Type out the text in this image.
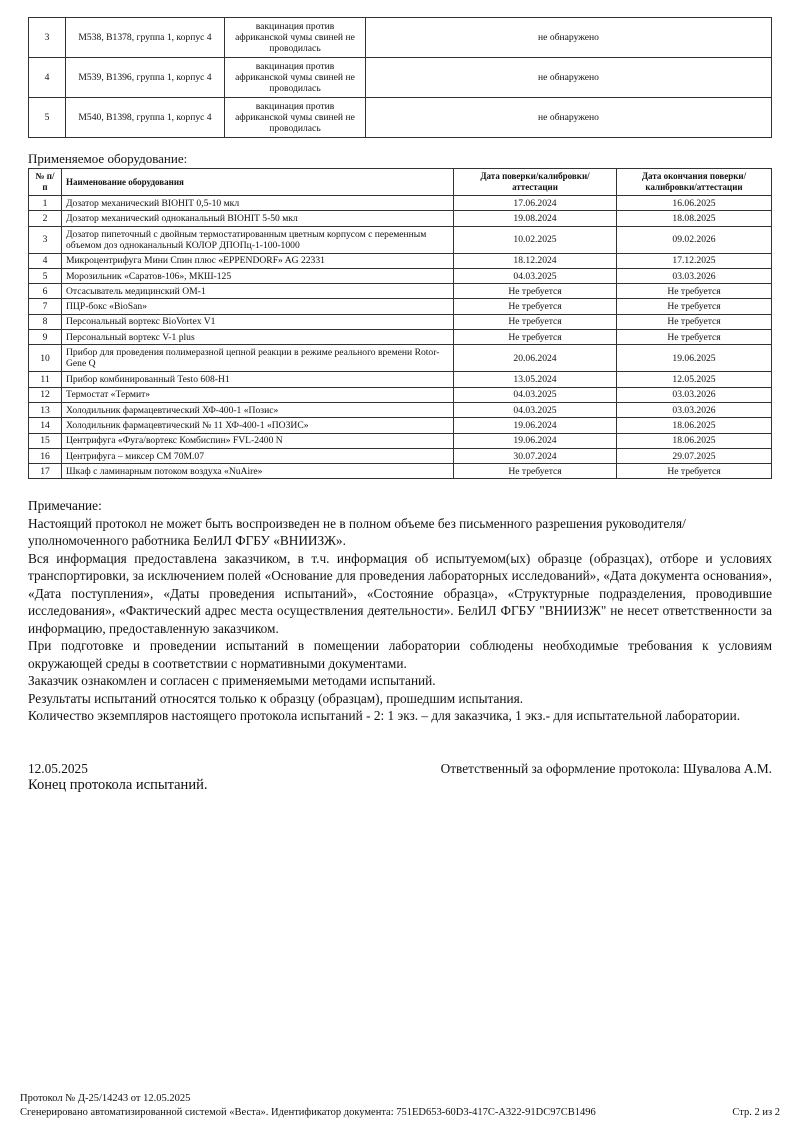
3	М538, В1378, группа 1, корпус 4	вакцинация против африканской чумы свиней не проводилась	не обнаружено
4	М539, В1396, группа 1, корпус 4	вакцинация против африканской чумы свиней не проводилась	не обнаружено
5	М540, В1398, группа 1, корпус 4	вакцинация против африканской чумы свиней не проводилась	не обнаружено
Применяемое оборудование:
№ п/п	Наименование оборудования	Дата поверки/калибровки/аттестации	Дата окончания поверки/калибровки/аттестации
1	Дозатор механический ВІОНІТ 0,5-10 мкл	17.06.2024	16.06.2025
2	Дозатор механический одноканальный ВІОНІТ 5-50 мкл	19.08.2024	18.08.2025
3	Дозатор пипеточный с двойным термостатированным цветным корпусом с переменным объемом доз одноканальный КОЛОР ДПОПц-1-100-1000	10.02.2025	09.02.2026
4	Микроцентрифуга Мини Спин плюс «EPPENDORF» AG 22331	18.12.2024	17.12.2025
5	Морозильник «Саратов-106», МКШ-125	04.03.2025	03.03.2026
6	Отсасыватель медицинский ОМ-1	Не требуется	Не требуется
7	ПЦР-бокс «BioSan»	Не требуется	Не требуется
8	Персональный вортекс BioVortex V1	Не требуется	Не требуется
9	Персональный вортекс V-1 plus	Не требуется	Не требуется
10	Прибор для проведения полимеразной цепной реакции в режиме реального времени Rotor-Gene Q	20.06.2024	19.06.2025
11	Прибор комбинированный Testo 608-H1	13.05.2024	12.05.2025
12	Термостат «Термит»	04.03.2025	03.03.2026
13	Холодильник фармацевтический ХФ-400-1 «Позис»	04.03.2025	03.03.2026
14	Холодильник фармацевтический № 11 ХФ-400-1 «ПОЗИС»	19.06.2024	18.06.2025
15	Центрифуга «Фуга/вортекс Комбиспин» FVL-2400 N	19.06.2024	18.06.2025
16	Центрифуга – миксер СМ 70М.07	30.07.2024	29.07.2025
17	Шкаф с ламинарным потоком воздуха «NuAire»	Не требуется	Не требуется

Примечание:

Настоящий протокол не может быть воспроизведен не в полном объеме без письменного разрешения руководителя/уполномоченного работника БелИЛ ФГБУ «ВНИИЗЖ».

Вся информация предоставлена заказчиком, в т.ч. информация об испытуемом(ых) образце (образцах), отборе и условиях транспортировки, за исключением полей «Основание для проведения лабораторных исследований», «Дата документа основания», «Дата поступления», «Даты проведения испытаний», «Состояние образца», «Структурные подразделения, проводившие исследования», «Фактический адрес места осуществления деятельности». БелИЛ ФГБУ "ВНИИЗЖ" не несет ответственности за информацию, предоставленную заказчиком.

При подготовке и проведении испытаний в помещении лаборатории соблюдены необходимые требования к условиям окружающей среды в соответствии с нормативными документами.

Заказчик ознакомлен и согласен с применяемыми методами испытаний.

Результаты испытаний относятся только к образцу (образцам), прошедшим испытания.

Количество экземпляров настоящего протокола испытаний - 2: 1 экз. – для заказчика, 1 экз.- для испытательной лаборатории.

12.05.2025	Ответственный за оформление протокола: Шувалова А.М.
Конец протокола испытаний.
Протокол № Д-25/14243 от 12.05.2025
Сгенерировано автоматизированной системой «Веста». Идентификатор документа: 751ED653-60D3-417C-A322-91DC97CB1496	Стр. 2 из 2
